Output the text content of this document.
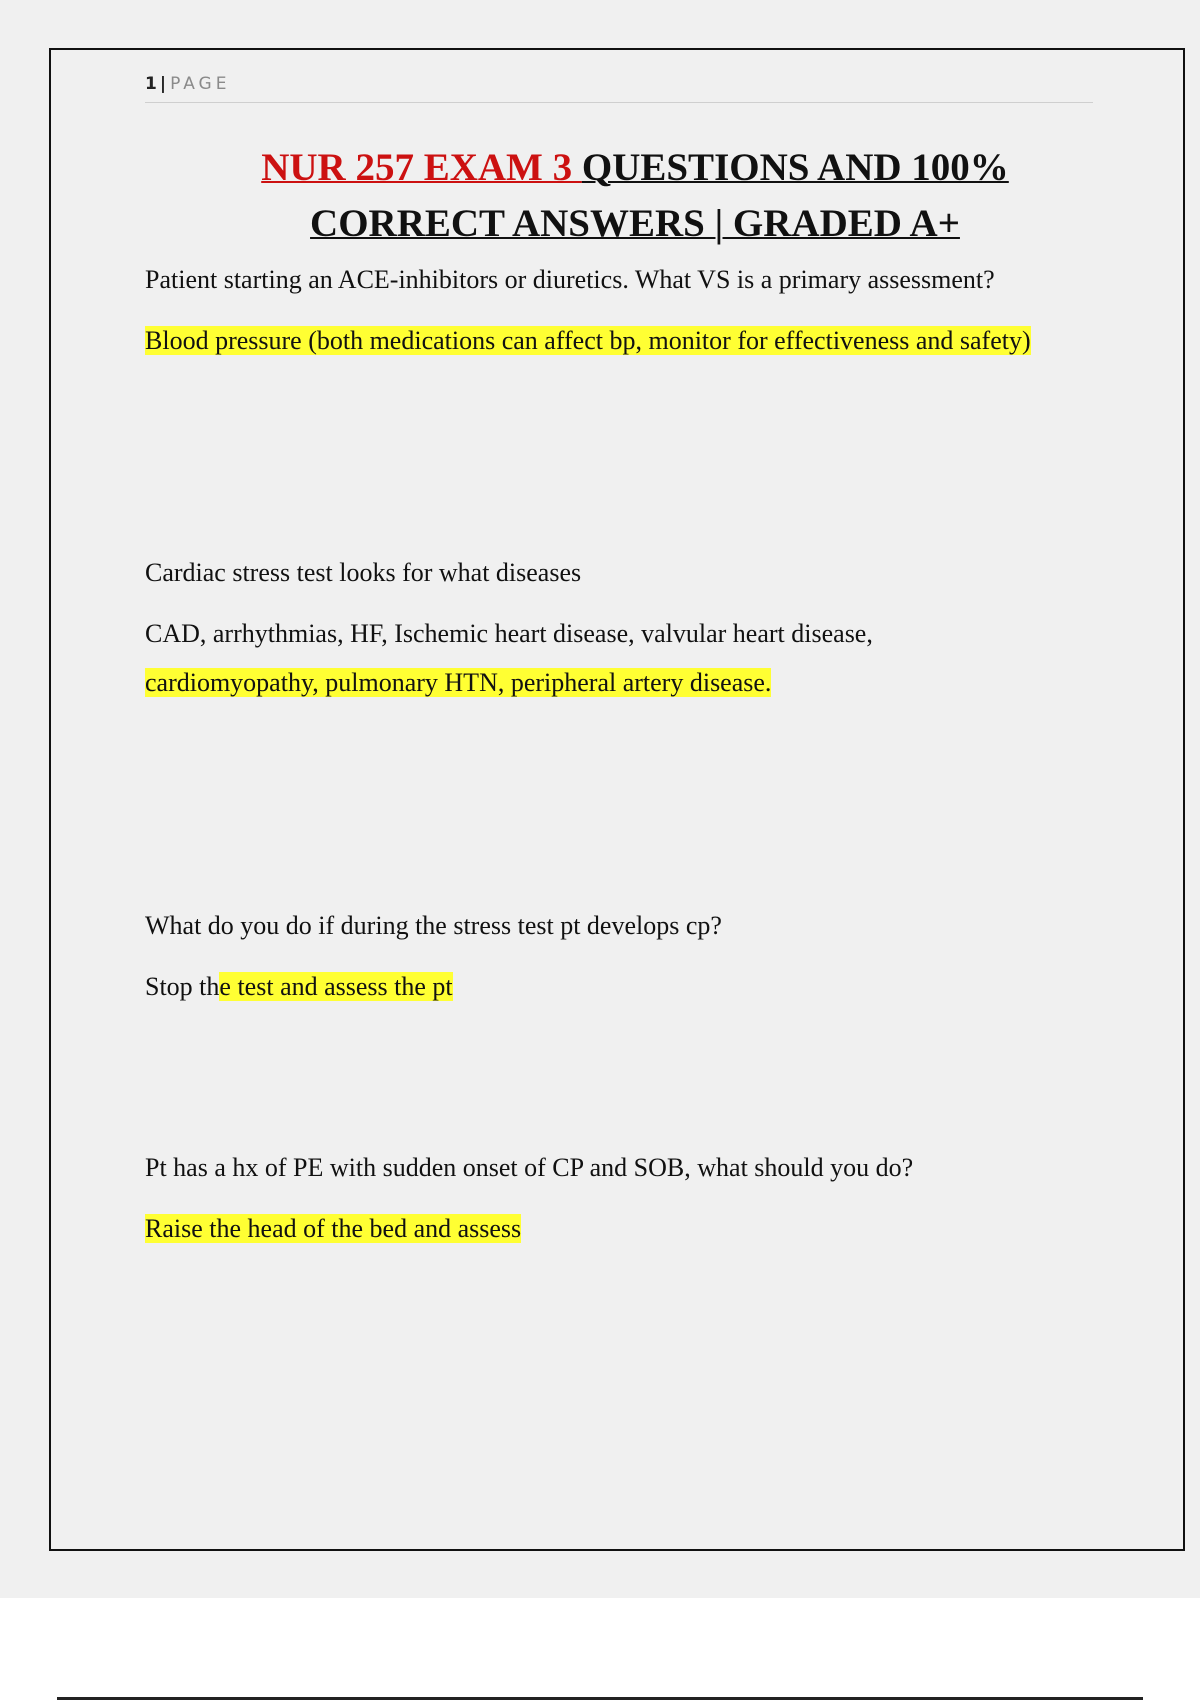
1 | PAGE
NUR 257 EXAM 3 QUESTIONS AND 100%
CORRECT ANSWERS | GRADED A+
Patient starting an ACE-inhibitors or diuretics. What VS is a primary assessment?
Blood pressure (both medications can affect bp, monitor for effectiveness and safety)
Cardiac stress test looks for what diseases
CAD, arrhythmias, HF, Ischemic heart disease, valvular heart disease, cardiomyopathy, pulmonary HTN, peripheral artery disease.
What do you do if during the stress test pt develops cp?
Stop the test and assess the pt
Pt has a hx of PE with sudden onset of CP and SOB, what should you do?
Raise the head of the bed and assess
